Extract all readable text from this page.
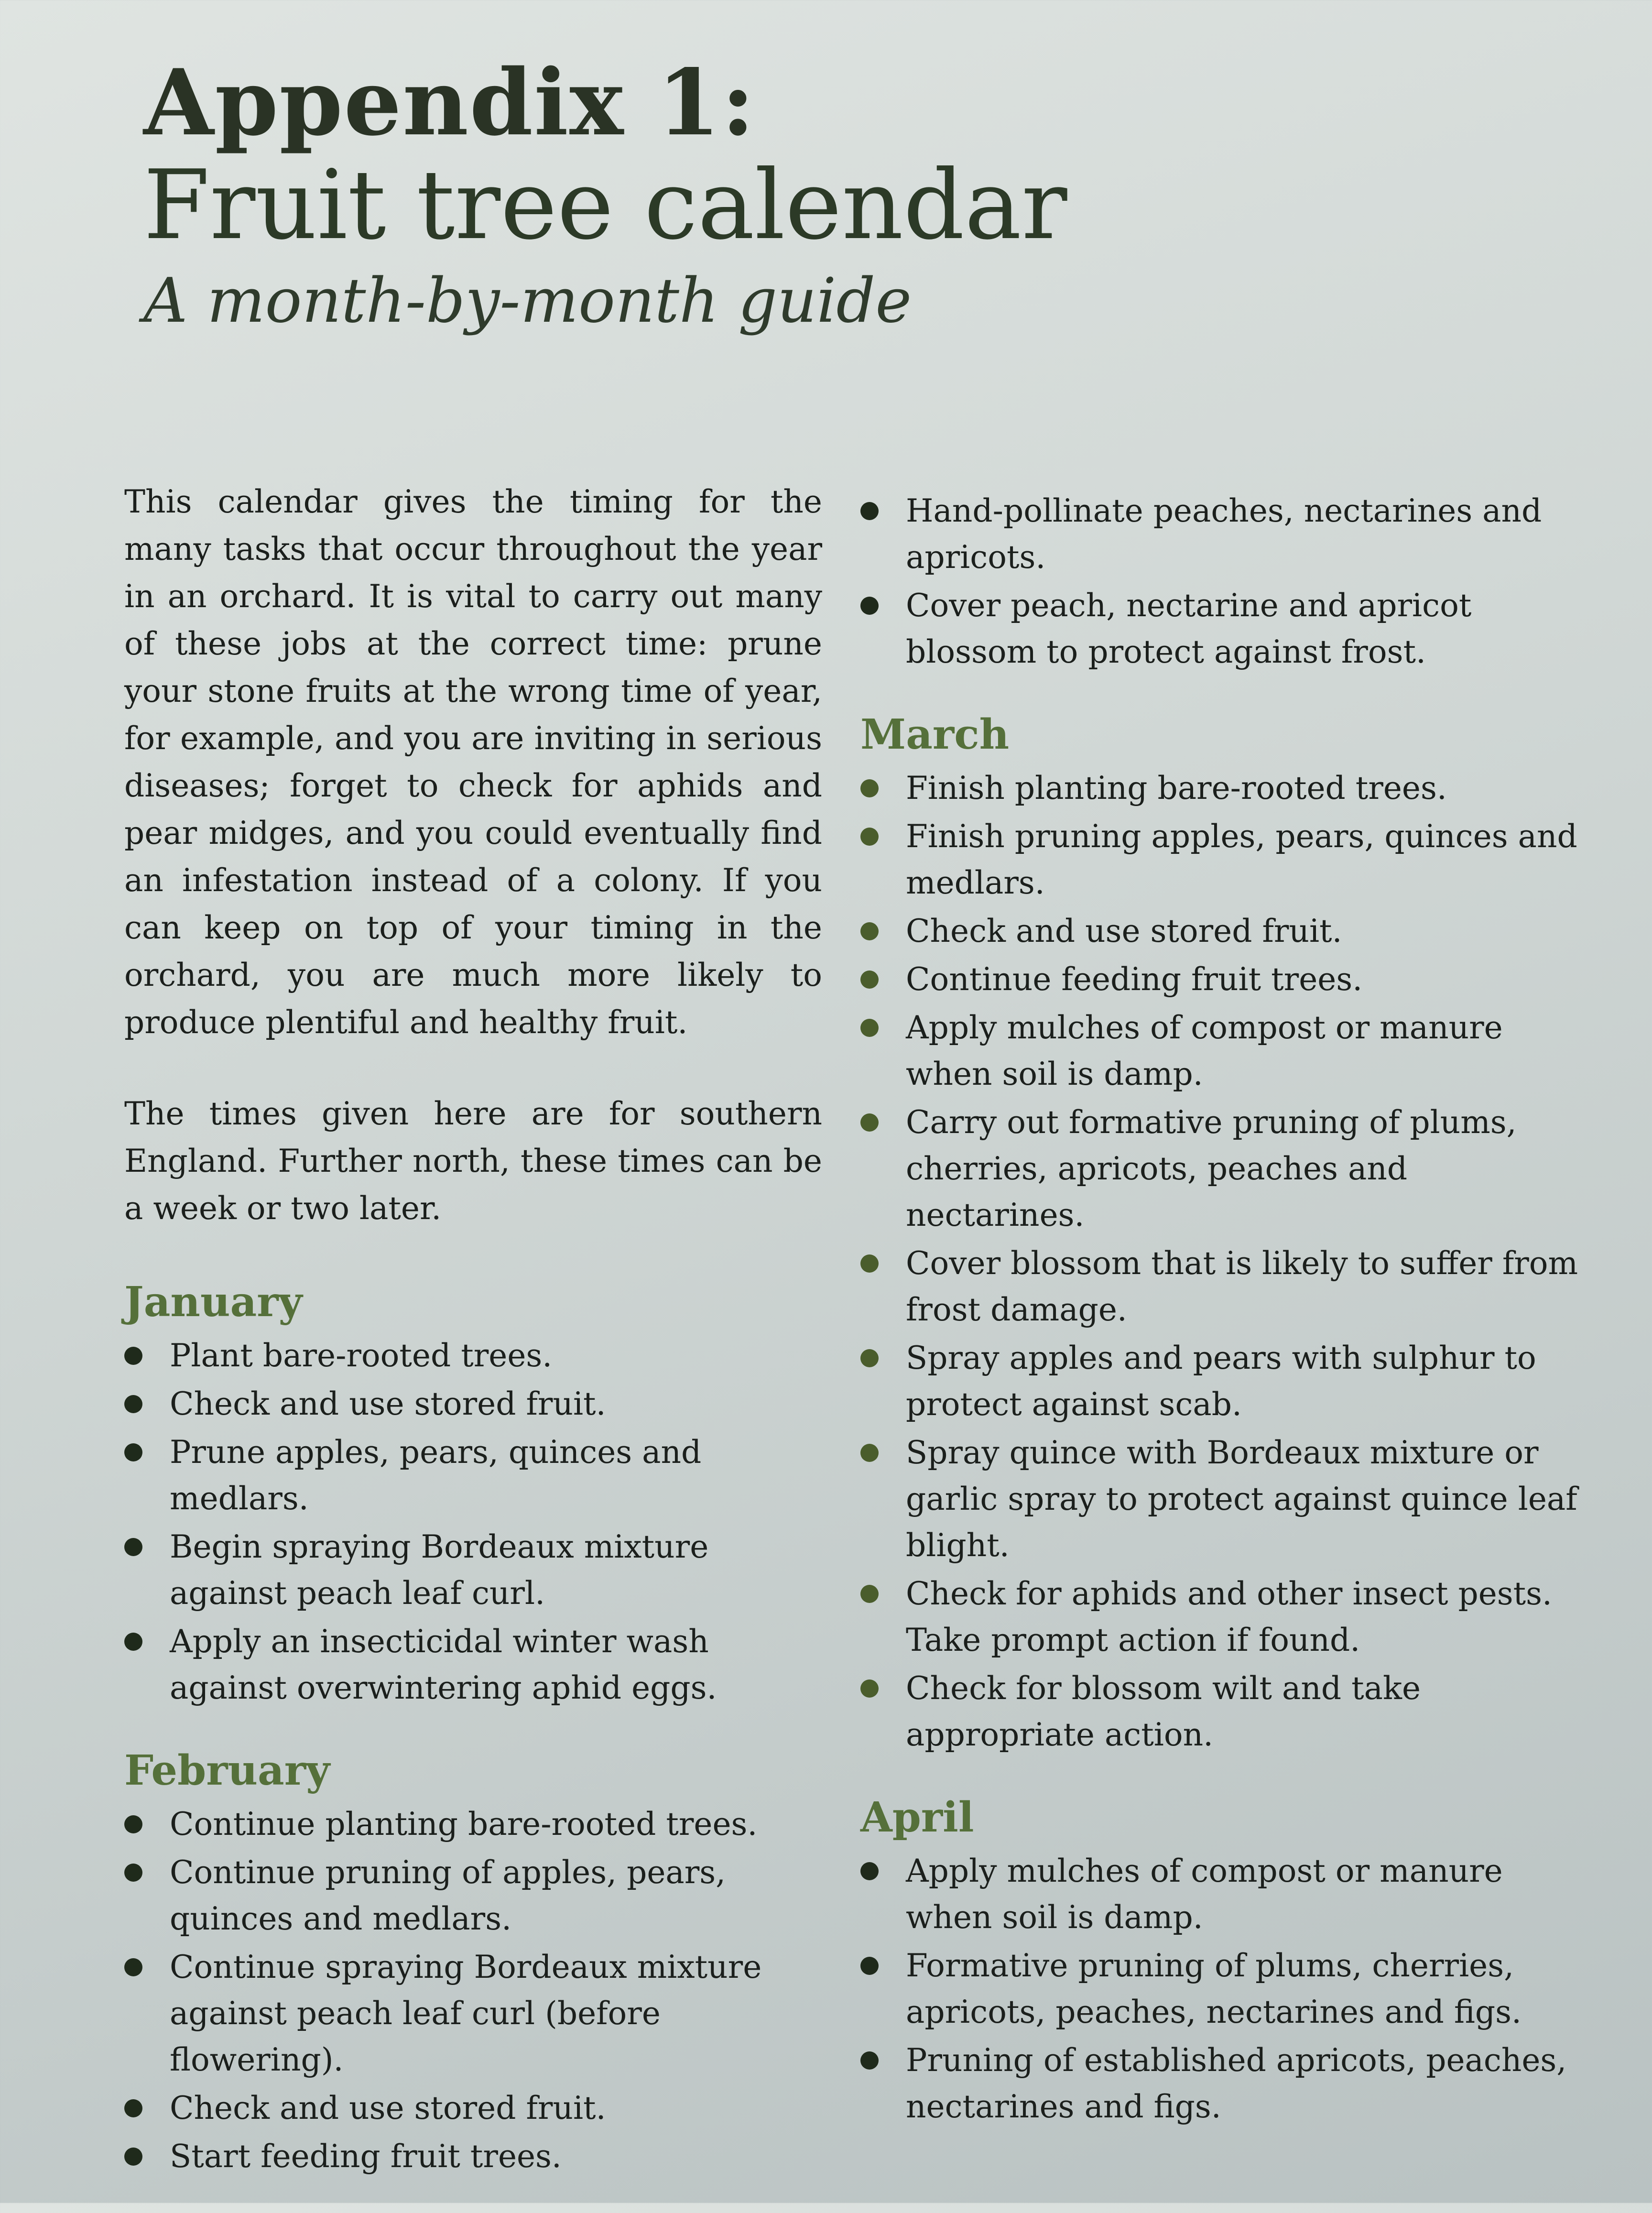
Appendix 1:
Fruit tree calendar
A month-by-month guide

This calendar gives the timing for the many tasks that occur throughout the year in an orchard. It is vital to carry out many of these jobs at the correct time: prune your stone fruits at the wrong time of year, for example, and you are inviting in serious diseases; forget to check for aphids and pear midges, and you could eventually find an infestation instead of a colony. If you can keep on top of your timing in the orchard, you are much more likely to produce plentiful and healthy fruit.

The times given here are for southern England. Further north, these times can be a week or two later.

January
Plant bare-rooted trees.
Check and use stored fruit.
Prune apples, pears, quinces and medlars.
Begin spraying Bordeaux mixture against peach leaf curl.
Apply an insecticidal winter wash against overwintering aphid eggs.
February
Continue planting bare-rooted trees.
Continue pruning of apples, pears, quinces and medlars.
Continue spraying Bordeaux mixture against peach leaf curl (before flowering).
Check and use stored fruit.
Start feeding fruit trees.
Hand-pollinate peaches, nectarines and apricots.
Cover peach, nectarine and apricot blossom to protect against frost.
March
Finish planting bare-rooted trees.
Finish pruning apples, pears, quinces and medlars.
Check and use stored fruit.
Continue feeding fruit trees.
Apply mulches of compost or manure when soil is damp.
Carry out formative pruning of plums, cherries, apricots, peaches and nectarines.
Cover blossom that is likely to suffer from frost damage.
Spray apples and pears with sulphur to protect against scab.
Spray quince with Bordeaux mixture or garlic spray to protect against quince leaf blight.
Check for aphids and other insect pests. Take prompt action if found.
Check for blossom wilt and take appropriate action.
April
Apply mulches of compost or manure when soil is damp.
Formative pruning of plums, cherries, apricots, peaches, nectarines and figs.
Pruning of established apricots, peaches, nectarines and figs.
